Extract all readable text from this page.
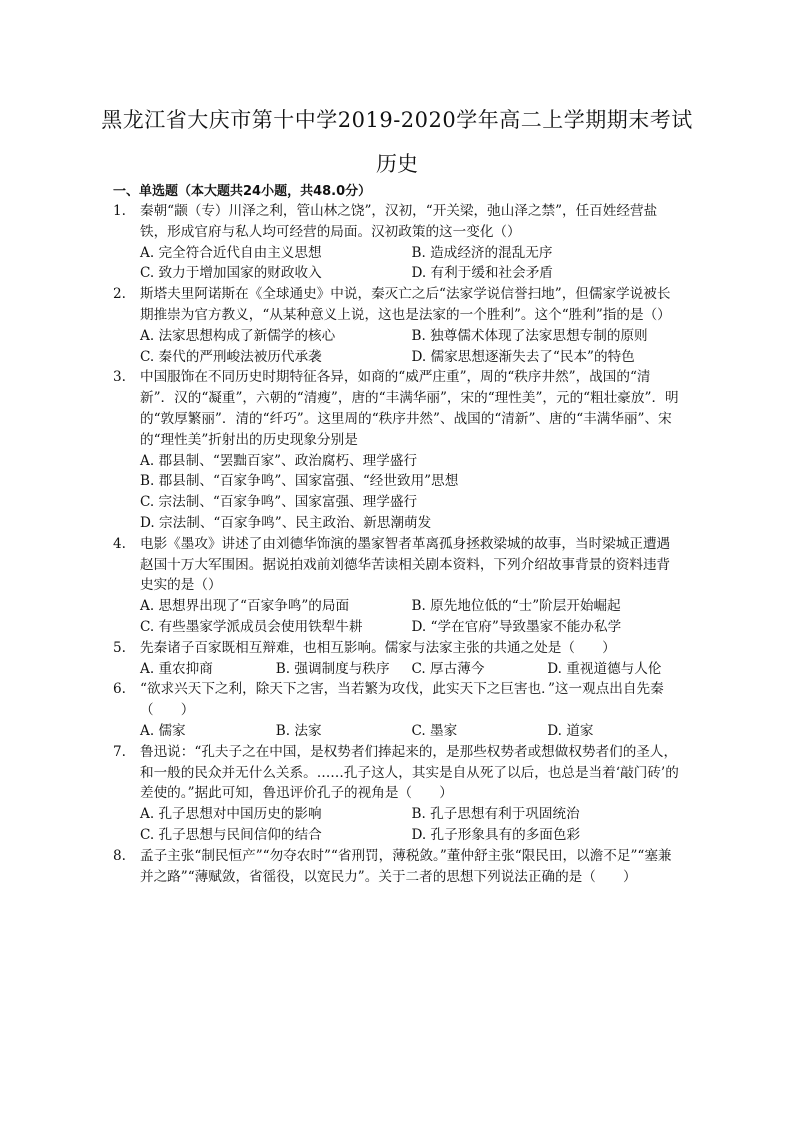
黑龙江省大庆市第十中学2019-2020学年高二上学期期末考试
历史
一、单选题（本大题共24小题，共48.0分）
1. 秦朝“颛（专）川泽之利，管山林之饶”，汉初，“开关梁，弛山泽之禁”，任百姓经营盐铁，形成官府与私人均可经营的局面。汉初政策的这一变化（）
A. 完全符合近代自由主义思想	B. 造成经济的混乱无序
C. 致力于增加国家的财政收入	D. 有利于缓和社会矛盾
2. 斯塔夫里阿诺斯在《全球通史》中说，秦灭亡之后“法家学说信誉扫地”，但儒家学说被长期推崇为官方教义，“从某种意义上说，这也是法家的一个胜利”。这个“胜利”指的是（）
A. 法家思想构成了新儒学的核心	B. 独尊儒术体现了法家思想专制的原则
C. 秦代的严刑峻法被历代承袭	D. 儒家思想逐渐失去了“民本”的特色
3. 中国服饰在不同历史时期特征各异，如商的“威严庄重”，周的“秩序井然”，战国的“清新”．汉的“凝重”，六朝的“清瘦”，唐的“丰满华丽”，宋的“理性美”，元的“粗壮豪放”．明的“敦厚繁丽”．清的“纤巧”。这里周的“秩序井然”、战国的“清新”、唐的“丰满华丽”、宋的“理性美”折射出的历史现象分别是
A. 郡县制、“罢黜百家”、政治腐朽、理学盛行
B. 郡县制、“百家争鸣”、国家富强、“经世致用”思想
C. 宗法制、“百家争鸣”、国家富强、理学盛行
D. 宗法制、“百家争鸣”、民主政治、新思潮萌发
4. 电影《墨攻》讲述了由刘德华饰演的墨家智者革离孤身拯救梁城的故事，当时梁城正遭遇赵国十万大军围困。据说拍戏前刘德华苦读相关剧本资料，下列介绍故事背景的资料违背史实的是（）
A. 思想界出现了“百家争鸣”的局面	B. 原先地位低的“士”阶层开始崛起
C. 有些墨家学派成员会使用铁犁牛耕	D. “学在官府”导致墨家不能办私学
5. 先秦诸子百家既相互辩难，也相互影响。儒家与法家主张的共通之处是（　　）
A. 重农抑商	B. 强调制度与秩序	C. 厚古薄今	D. 重视道德与人伦
6. “欲求兴天下之利，除天下之害，当若繁为攻伐，此实天下之巨害也．”这一观点出自先秦（　　）
A. 儒家	B. 法家	C. 墨家	D. 道家
7. 鲁迅说：“孔夫子之在中国，是权势者们捧起来的，是那些权势者或想做权势者们的圣人，和一般的民众并无什么关系。……孔子这人，其实是自从死了以后，也总是当着‘敲门砖’的差使的。”据此可知，鲁迅评价孔子的视角是（　　）
A. 孔子思想对中国历史的影响	B. 孔子思想有利于巩固统治
C. 孔子思想与民间信仰的结合	D. 孔子形象具有的多面色彩
8. 孟子主张“制民恒产”“勿夺农时”“省刑罚，薄税敛。”董仲舒主张“限民田，以澹不足”“塞兼并之路”“薄赋敛，省徭役，以宽民力”。关于二者的思想下列说法正确的是（　　）
